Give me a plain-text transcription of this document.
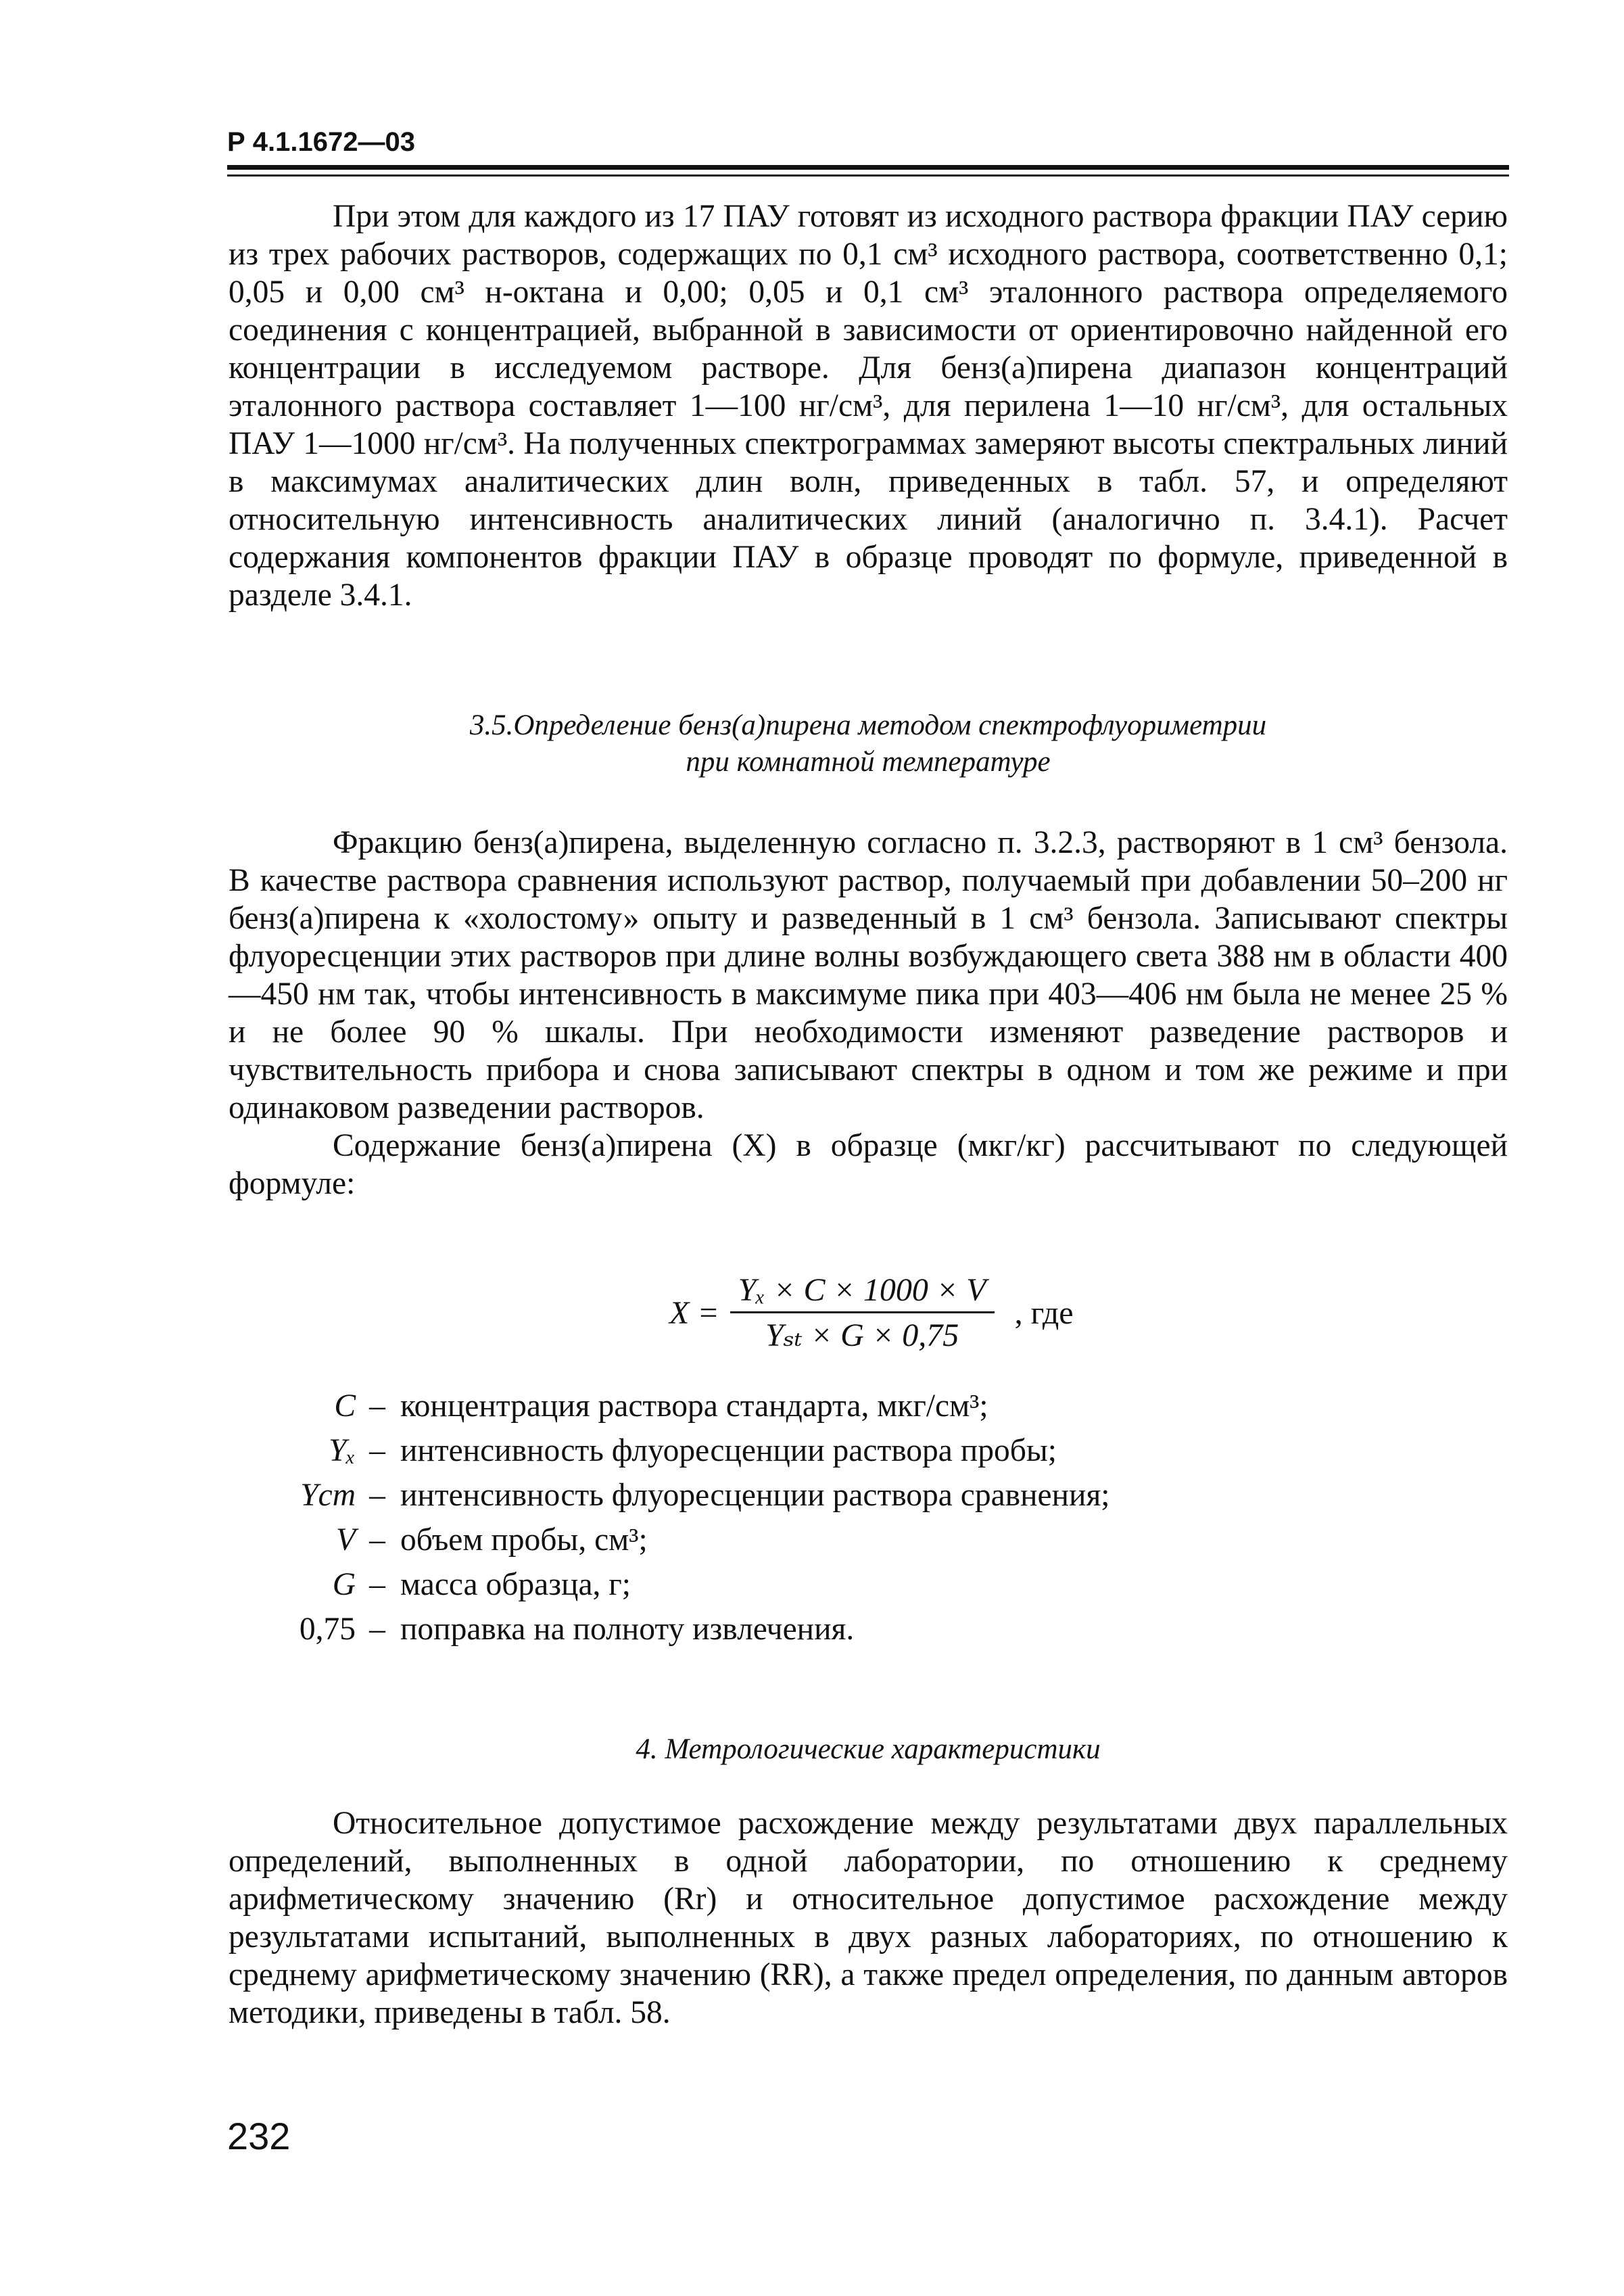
Р 4.1.1672—03

При этом для каждого из 17 ПАУ готовят из исходного раствора фракции ПАУ серию из трех рабочих растворов, содержащих по 0,1 см³ исходного раствора, соответственно 0,1; 0,05 и 0,00 см³ н-октана и 0,00; 0,05 и 0,1 см³ эталонного раствора определяемого соединения с концентрацией, выбранной в зависимости от ориентировочно найденной его концентрации в исследуемом растворе. Для бенз(а)пирена диапазон концентраций эталонного раствора составляет 1—100 нг/см³, для перилена 1—10 нг/см³, для остальных ПАУ 1—1000 нг/см³. На полученных спектрограммах замеряют высоты спектральных линий в максимумах аналитических длин волн, приведенных в табл. 57, и определяют относительную интенсивность аналитических линий (аналогично п. 3.4.1). Расчет содержания компонентов фракции ПАУ в образце проводят по формуле, приведенной в разделе 3.4.1.

3.5.Определение бенз(а)пирена методом спектрофлуориметрии
при комнатной температуре

Фракцию бенз(а)пирена, выделенную согласно п. 3.2.3, растворяют в 1 см³ бензола. В качестве раствора сравнения используют раствор, получаемый при добавлении 50–200 нг бенз(а)пирена к «холостому» опыту и разведенный в 1 см³ бензола. Записывают спектры флуоресценции этих растворов при длине волны возбуждающего света 388 нм в области 400—450 нм так, чтобы интенсивность в максимуме пика при 403—406 нм была не менее 25 % и не более 90 % шкалы. При необходимости изменяют разведение растворов и чувствительность прибора и снова записывают спектры в одном и том же режиме и при одинаковом разведении растворов.

Содержание бенз(а)пирена (X) в образце (мкг/кг) рассчитывают по следующей формуле:

$X = \frac{\text{Yₓ × C × 1000 × V}}{\text{Yₛₜ × G × 0,75}}$ , где
C – концентрация раствора стандарта, мкг/см³;
Yₓ – интенсивность флуоресценции раствора пробы;
Yст – интенсивность флуоресценции раствора сравнения;
V – объем пробы, см³;
G – масса образца, г;
0,75 – поправка на полноту извлечения.
4. Метрологические характеристики

Относительное допустимое расхождение между результатами двух параллельных определений, выполненных в одной лаборатории, по отношению к среднему арифметическому значению (Rr) и относительное допустимое расхождение между результатами испытаний, выполненных в двух разных лабораториях, по отношению к среднему арифметическому значению (RR), а также предел определения, по данным авторов методики, приведены в табл. 58.

232
